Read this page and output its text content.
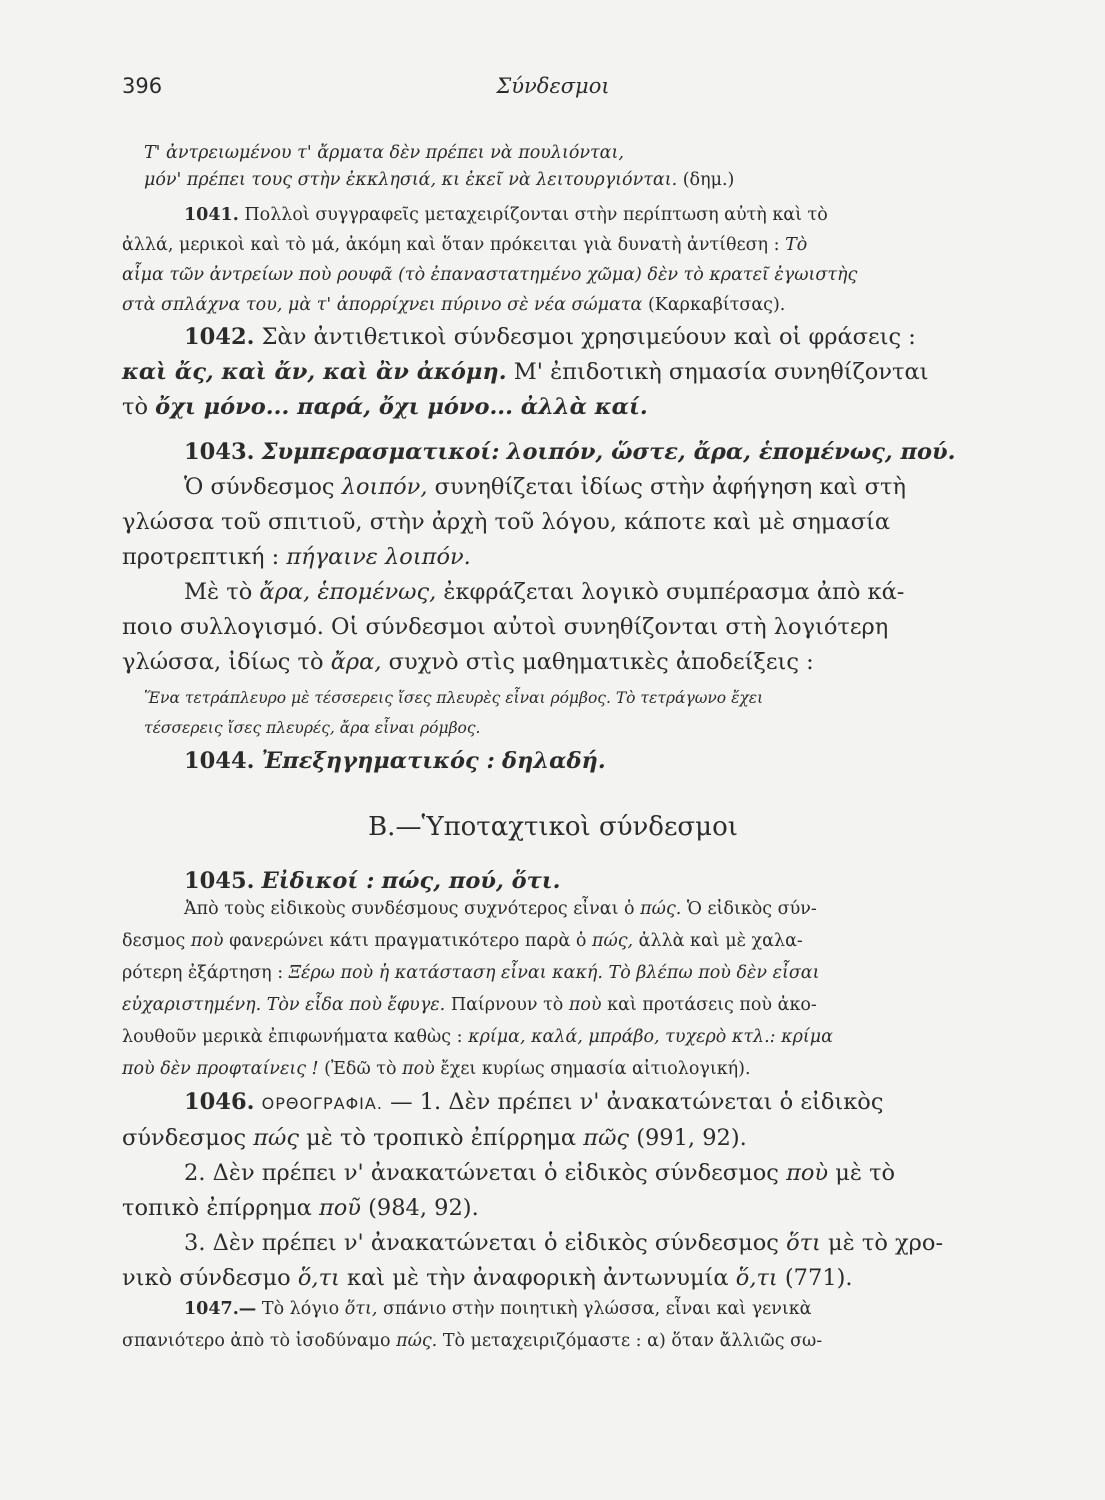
396	Σύνδεσμοι
Τ' ἀντρειωμένου τ' ἄρματα δὲν πρέπει νὰ πουλιόνται,
μόν' πρέπει τους στὴν ἐκκλησιά, κι ἐκεῖ νὰ λειτουργιόνται. (δημ.)
1041. Πολλοὶ συγγραφεῖς μεταχειρίζονται στὴν περίπτωση αὐτὴ καὶ τὸ
ἀλλά, μερικοὶ καὶ τὸ μά, ἀκόμη καὶ ὅταν πρόκειται γιὰ δυνατὴ ἀντίθεση : Τὸ
αἷμα τῶν ἀντρείων ποὺ ρουφᾶ (τὸ ἐπαναστατημένο χῶμα) δὲν τὸ κρατεῖ ἐγωιστὴς
στὰ σπλάχνα του, μὰ τ' ἀπορρίχνει πύρινο σὲ νέα σώματα (Καρκαβίτσας).
1042. Σὰν ἀντιθετικοὶ σύνδεσμοι χρησιμεύουν καὶ οἱ φράσεις :
καὶ ἄς, καὶ ἄν, καὶ ἂν ἀκόμη. Μ' ἐπιδοτικὴ σημασία συνηθίζονται
τὸ ὄχι μόνο... παρά, ὄχι μόνο... ἀλλὰ καί.
1043. Συμπερασματικοί: λοιπόν, ὥστε, ἄρα, ἑπομένως, πού.
Ὁ σύνδεσμος λοιπόν, συνηθίζεται ἰδίως στὴν ἀφήγηση καὶ στὴ
γλώσσα τοῦ σπιτιοῦ, στὴν ἀρχὴ τοῦ λόγου, κάποτε καὶ μὲ σημασία
προτρεπτική : πήγαινε λοιπόν.
Μὲ τὸ ἄρα, ἑπομένως, ἐκφράζεται λογικὸ συμπέρασμα ἀπὸ κά-
ποιο συλλογισμό. Οἱ σύνδεσμοι αὐτοὶ συνηθίζονται στὴ λογιότερη
γλώσσα, ἰδίως τὸ ἄρα, συχνὸ στὶς μαθηματικὲς ἀποδείξεις :
Ἕνα τετράπλευρο μὲ τέσσερεις ἴσες πλευρὲς εἶναι ρόμβος. Τὸ τετράγωνο ἔχει
τέσσερεις ἴσες πλευρές, ἄρα εἶναι ρόμβος.
1044. Ἐπεξηγηματικός : δηλαδή.
Β.—Ὑποταχτικοὶ σύνδεσμοι
1045. Εἰδικοί : πώς, πού, ὅτι.
Ἀπὸ τοὺς εἰδικοὺς συνδέσμους συχνότερος εἶναι ὁ πώς. Ὁ εἰδικὸς σύν-
δεσμος ποὺ φανερώνει κάτι πραγματικότερο παρὰ ὁ πώς, ἀλλὰ καὶ μὲ χαλα-
ρότερη ἐξάρτηση : Ξέρω ποὺ ἡ κατάσταση εἶναι κακή. Τὸ βλέπω ποὺ δὲν εἶσαι
εὐχαριστημένη. Τὸν εἶδα ποὺ ἔφυγε. Παίρνουν τὸ ποὺ καὶ προτάσεις ποὺ ἀκο-
λουθοῦν μερικὰ ἐπιφωνήματα καθὼς : κρίμα, καλά, μπράβο, τυχερὸ κτλ.: κρίμα
ποὺ δὲν προφταίνεις ! (Ἐδῶ τὸ ποὺ ἔχει κυρίως σημασία αἰτιολογική).
1046. ΟΡΘΟΓΡΑΦΙΑ. — 1. Δὲν πρέπει ν' ἀνακατώνεται ὁ εἰδικὸς
σύνδεσμος πώς μὲ τὸ τροπικὸ ἐπίρρημα πῶς (991, 92).
2. Δὲν πρέπει ν' ἀνακατώνεται ὁ εἰδικὸς σύνδεσμος ποὺ μὲ τὸ
τοπικὸ ἐπίρρημα ποῦ (984, 92).
3. Δὲν πρέπει ν' ἀνακατώνεται ὁ εἰδικὸς σύνδεσμος ὅτι μὲ τὸ χρο-
νικὸ σύνδεσμο ὅ,τι καὶ μὲ τὴν ἀναφορικὴ ἀντωνυμία ὅ,τι (771).
1047.— Τὸ λόγιο ὅτι, σπάνιο στὴν ποιητικὴ γλώσσα, εἶναι καὶ γενικὰ
σπανιότερο ἀπὸ τὸ ἰσοδύναμο πώς. Τὸ μεταχειριζόμαστε : α) ὅταν ἄλλιῶς σω-
